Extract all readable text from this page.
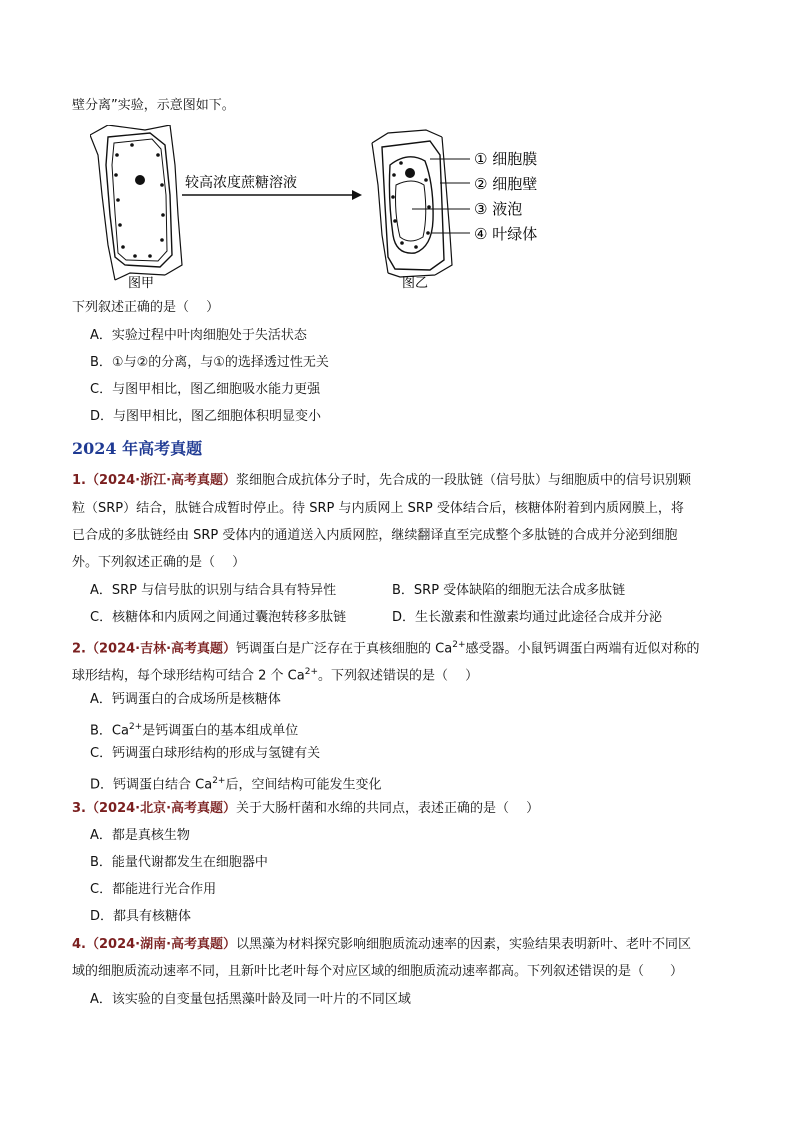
壁分离”实验，示意图如下。
图甲
较高浓度蔗糖溶液
图乙
① 细胞膜
② 细胞壁
③ 液泡
④ 叶绿体
下列叙述正确的是（　 ）
A．实验过程中叶肉细胞处于失活状态
B．①与②的分离，与①的选择透过性无关
C．与图甲相比，图乙细胞吸水能力更强
D．与图甲相比，图乙细胞体积明显变小
2024 年高考真题
1.（2024·浙江·高考真题）浆细胞合成抗体分子时，先合成的一段肽链（信号肽）与细胞质中的信号识别颗
粒（SRP）结合，肽链合成暂时停止。待 SRP 与内质网上 SRP 受体结合后，核糖体附着到内质网膜上，将
已合成的多肽链经由 SRP 受体内的通道送入内质网腔，继续翻译直至完成整个多肽链的合成并分泌到细胞
外。下列叙述正确的是（　 ）
A．SRP 与信号肽的识别与结合具有特异性	B．SRP 受体缺陷的细胞无法合成多肽链
C．核糖体和内质网之间通过囊泡转移多肽链	D．生长激素和性激素均通过此途径合成并分泌
2.（2024·吉林·高考真题）钙调蛋白是广泛存在于真核细胞的 $Ca^{2+}$感受器。小鼠钙调蛋白两端有近似对称的
球形结构，每个球形结构可结合 2 个 $Ca^{2+}$。下列叙述错误的是（　 ）
A．钙调蛋白的合成场所是核糖体
B．$Ca^{2+}$是钙调蛋白的基本组成单位
C．钙调蛋白球形结构的形成与氢键有关
D．钙调蛋白结合 $Ca^{2+}$后，空间结构可能发生变化
3.（2024·北京·高考真题）关于大肠杆菌和水绵的共同点，表述正确的是（　 ）
A．都是真核生物
B．能量代谢都发生在细胞器中
C．都能进行光合作用
D．都具有核糖体
4.（2024·湖南·高考真题）以黑藻为材料探究影响细胞质流动速率的因素，实验结果表明新叶、老叶不同区
域的细胞质流动速率不同，且新叶比老叶每个对应区域的细胞质流动速率都高。下列叙述错误的是（　　）
A．该实验的自变量包括黑藻叶龄及同一叶片的不同区域
